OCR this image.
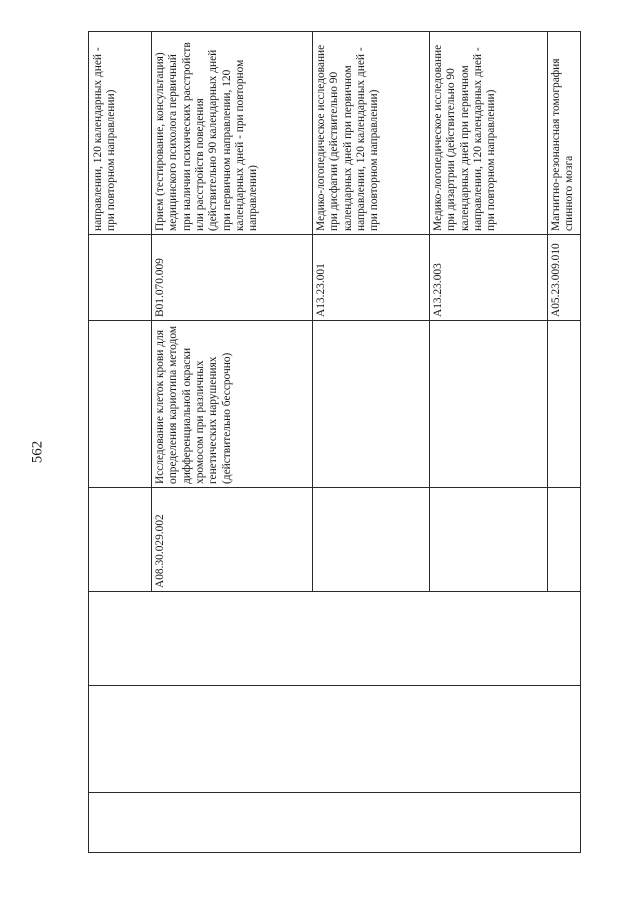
562

направлении, 120 календарных дней - при повторном направлении)

A08.30.029.002

Исследование клеток крови для определения кариотипа методом дифференциальной окраски хромосом при различных генетических нарушениях (действительно бессрочно)

B01.070.009

Прием (тестирование, консультация) медицинского психолога первичный при наличии психических расстройств или расстройств поведения (действительно 90 календарных дней при первичном направлении, 120 календарных дней - при повторном направлении)

A13.23.001

Медико-логопедическое исследование при дисфагии (действительно 90 календарных дней при первичном направлении, 120 календарных дней - при повторном направлении)

A13.23.003

Медико-логопедическое исследование при дизартрии (действительно 90 календарных дней при первичном направлении, 120 календарных дней - при повторном направлении)

A05.23.009.010

Магнитно-резонансная томография спинного мозга
